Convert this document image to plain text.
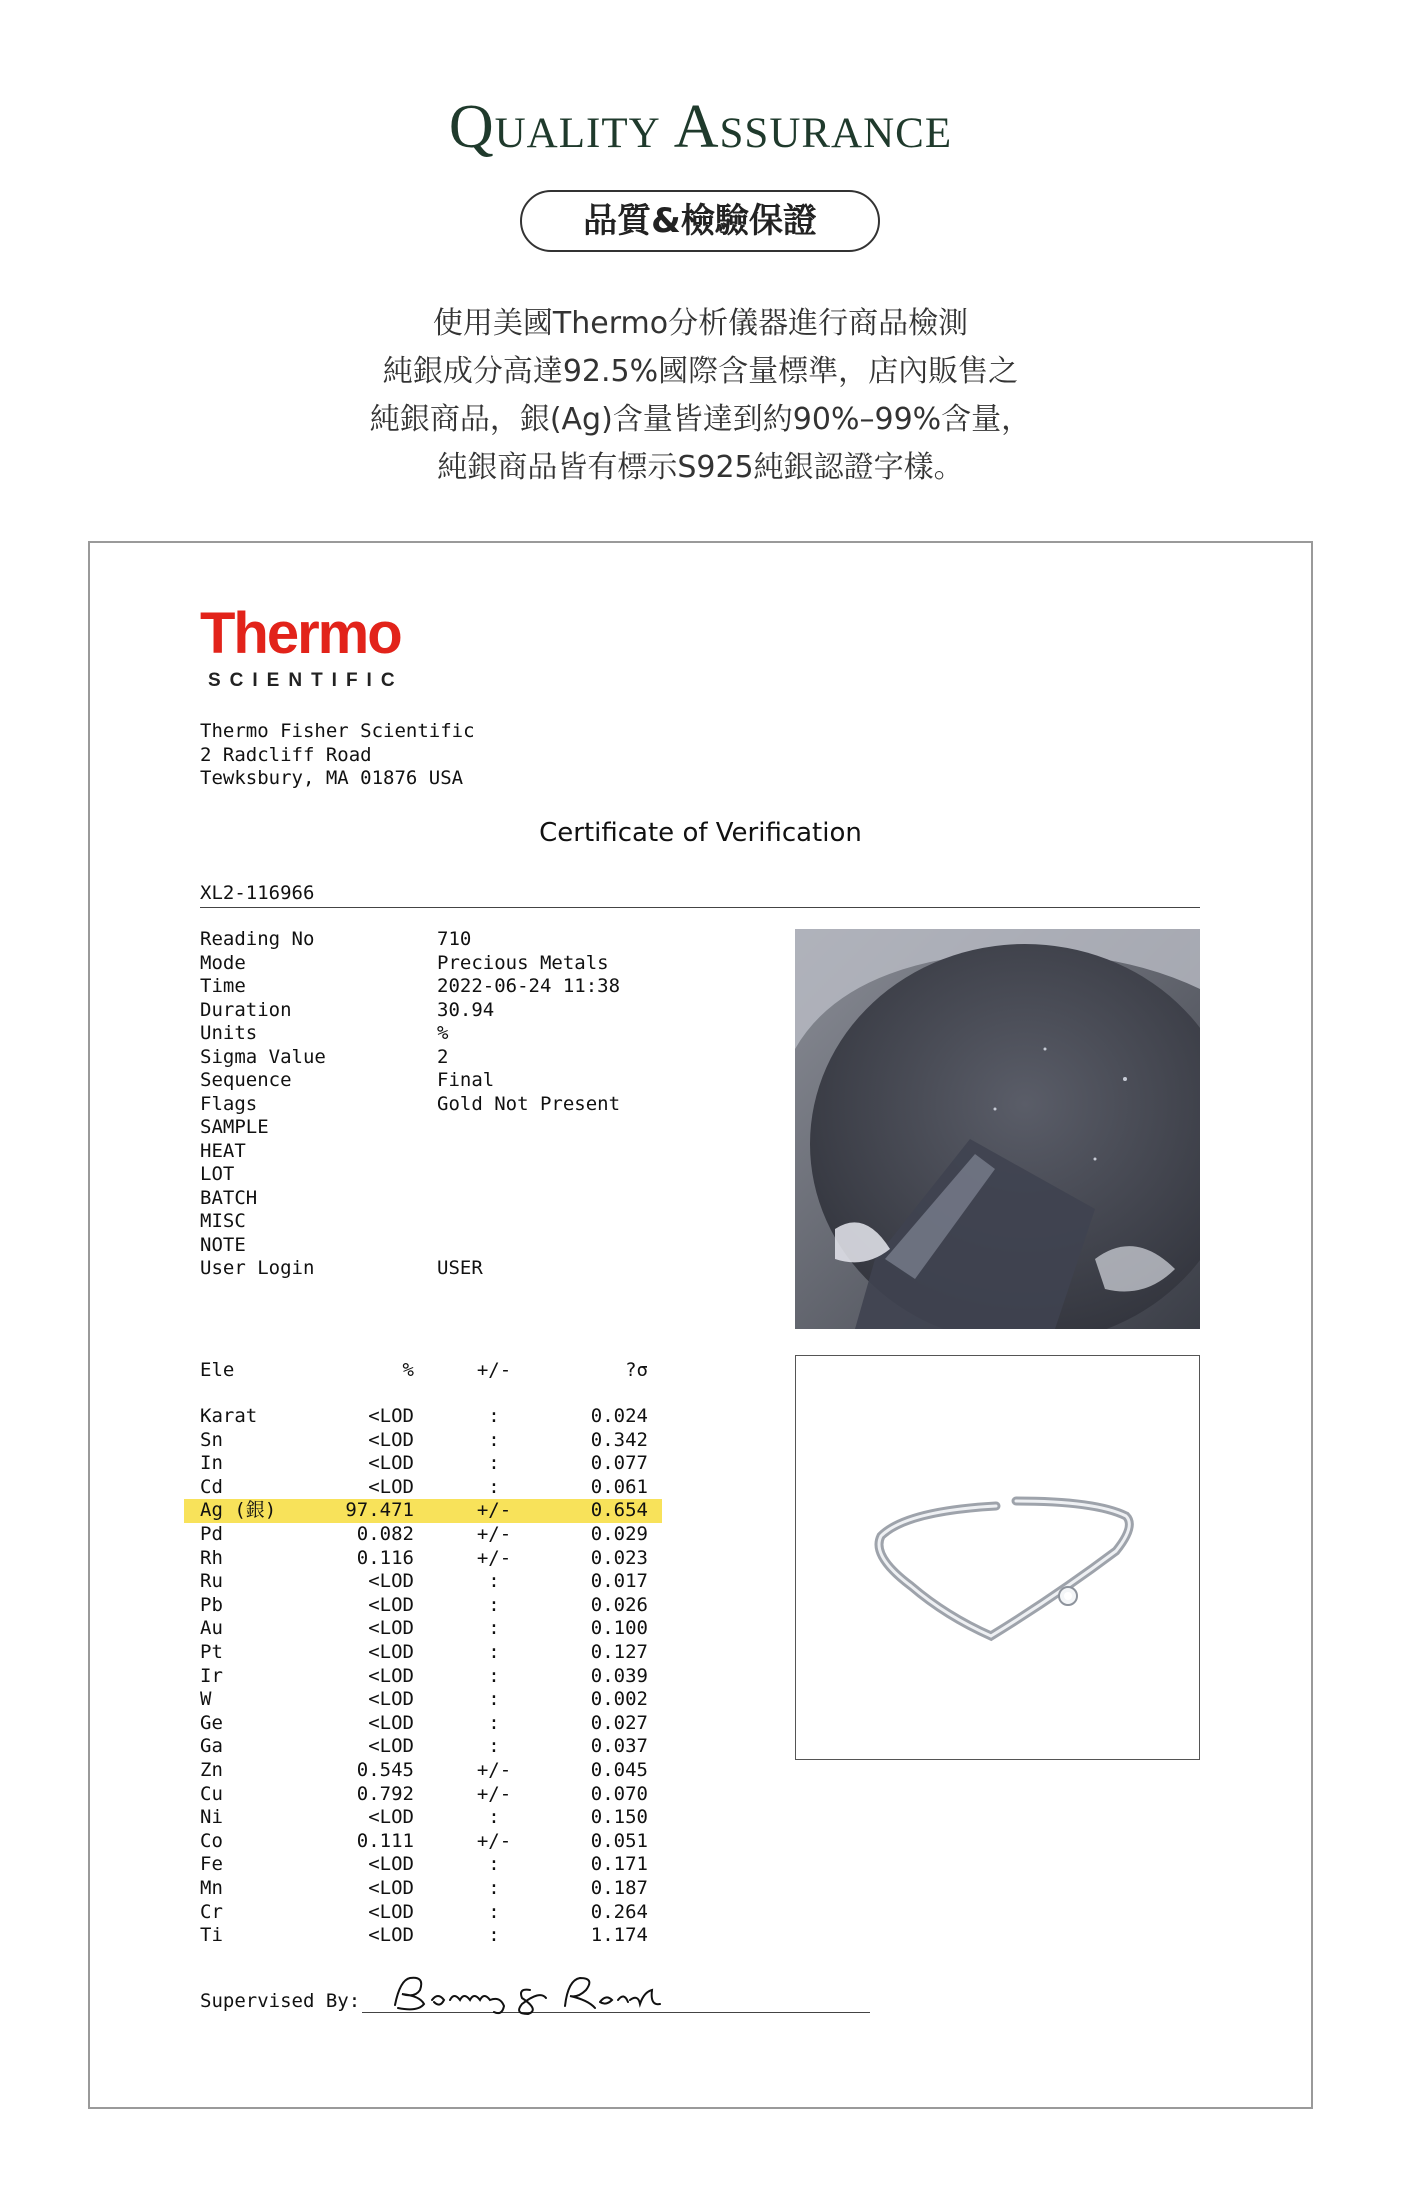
Quality Assurance
品質&檢驗保證
使用美國Thermo分析儀器進行商品檢測
純銀成分高達92.5%國際含量標準，店內販售之
純銀商品，銀(Ag)含量皆達到約90%–99%含量，
純銀商品皆有標示S925純銀認證字樣。
Thermo
SCIENTIFIC
Thermo Fisher Scientific
2 Radcliff Road
Tewksbury, MA 01876 USA
Certificate of Verification
XL2-116966
Reading No	710
Mode	Precious Metals
Time	2022-06-24 11:38
Duration	30.94
Units	%
Sigma Value	2
Sequence	Final
Flags	Gold Not Present
SAMPLE
HEAT
LOT
BATCH
MISC
NOTE
User Login	USER
Ele	%	+/-	?σ
Karat	<LOD	:	0.024
Sn	<LOD	:	0.342
In	<LOD	:	0.077
Cd	<LOD	:	0.061
Ag (銀)	97.471	+/-	0.654
Pd	0.082	+/-	0.029
Rh	0.116	+/-	0.023
Ru	<LOD	:	0.017
Pb	<LOD	:	0.026
Au	<LOD	:	0.100
Pt	<LOD	:	0.127
Ir	<LOD	:	0.039
W	<LOD	:	0.002
Ge	<LOD	:	0.027
Ga	<LOD	:	0.037
Zn	0.545	+/-	0.045
Cu	0.792	+/-	0.070
Ni	<LOD	:	0.150
Co	0.111	+/-	0.051
Fe	<LOD	:	0.171
Mn	<LOD	:	0.187
Cr	<LOD	:	0.264
Ti	<LOD	:	1.174
Supervised By:
